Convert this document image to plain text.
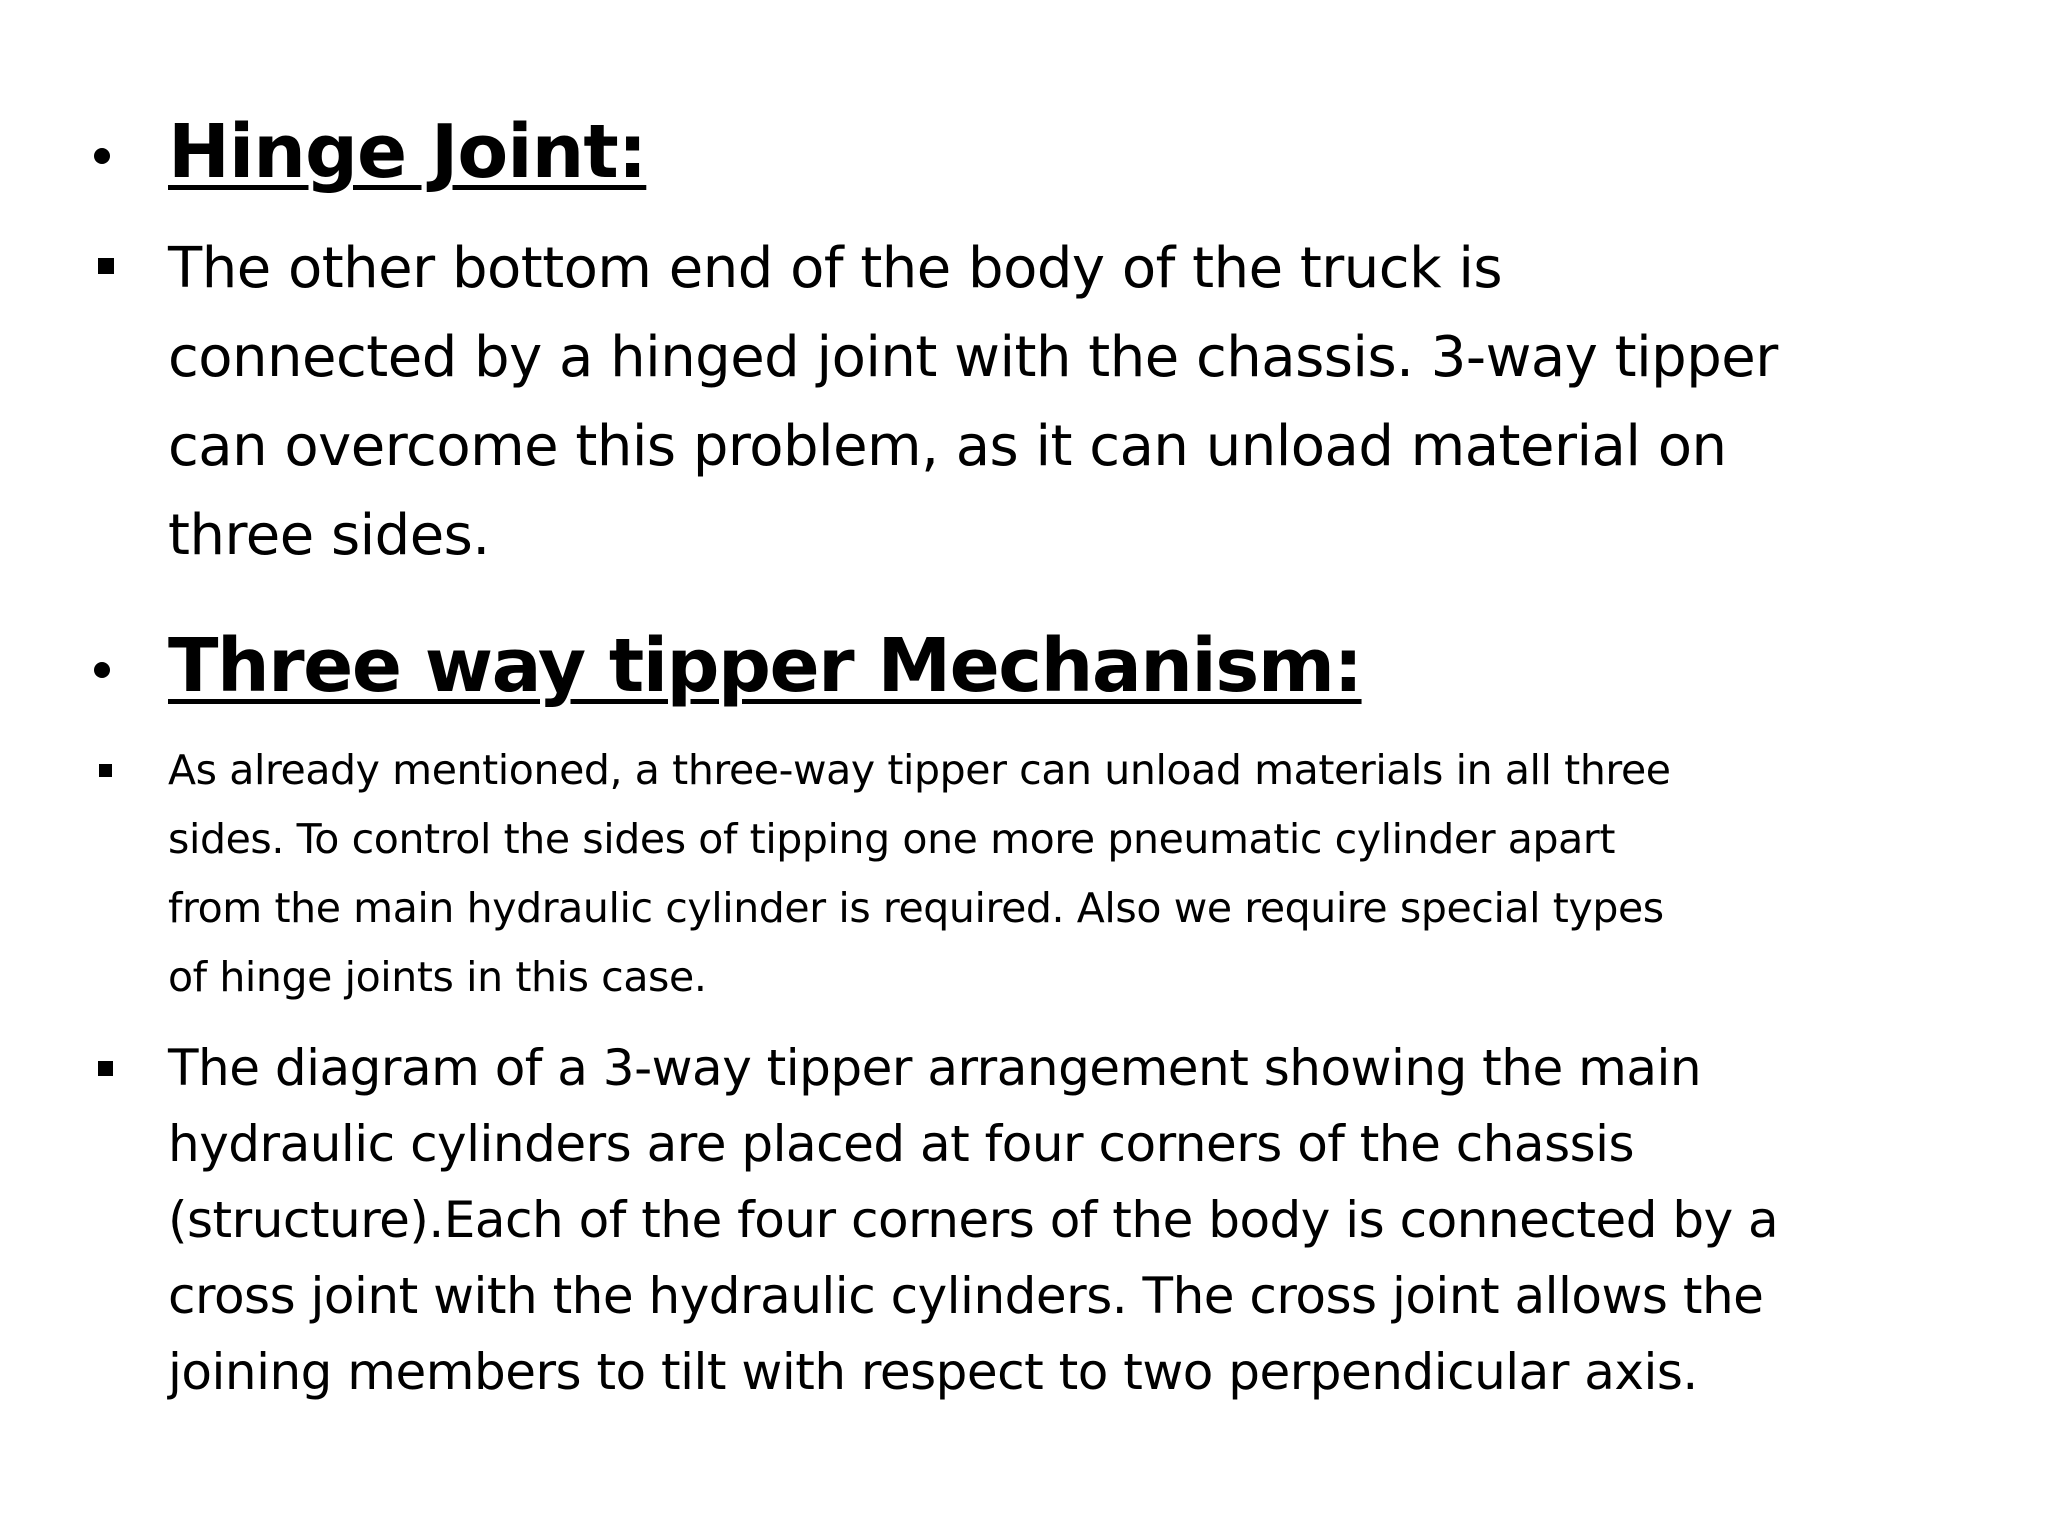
Hinge Joint:

The other bottom end of the body of the truck is
connected by a hinged joint with the chassis. 3-way tipper
can overcome this problem, as it can unload material on
three sides.

Three way tipper Mechanism:

As already mentioned, a three-way tipper can unload materials in all three
sides. To control the sides of tipping one more pneumatic cylinder apart
from the main hydraulic cylinder is required. Also we require special types
of hinge joints in this case.

The diagram of a 3-way tipper arrangement showing the main
hydraulic cylinders are placed at four corners of the chassis
(structure).Each of the four corners of the body is connected by a
cross joint with the hydraulic cylinders. The cross joint allows the
joining members to tilt with respect to two perpendicular axis.
